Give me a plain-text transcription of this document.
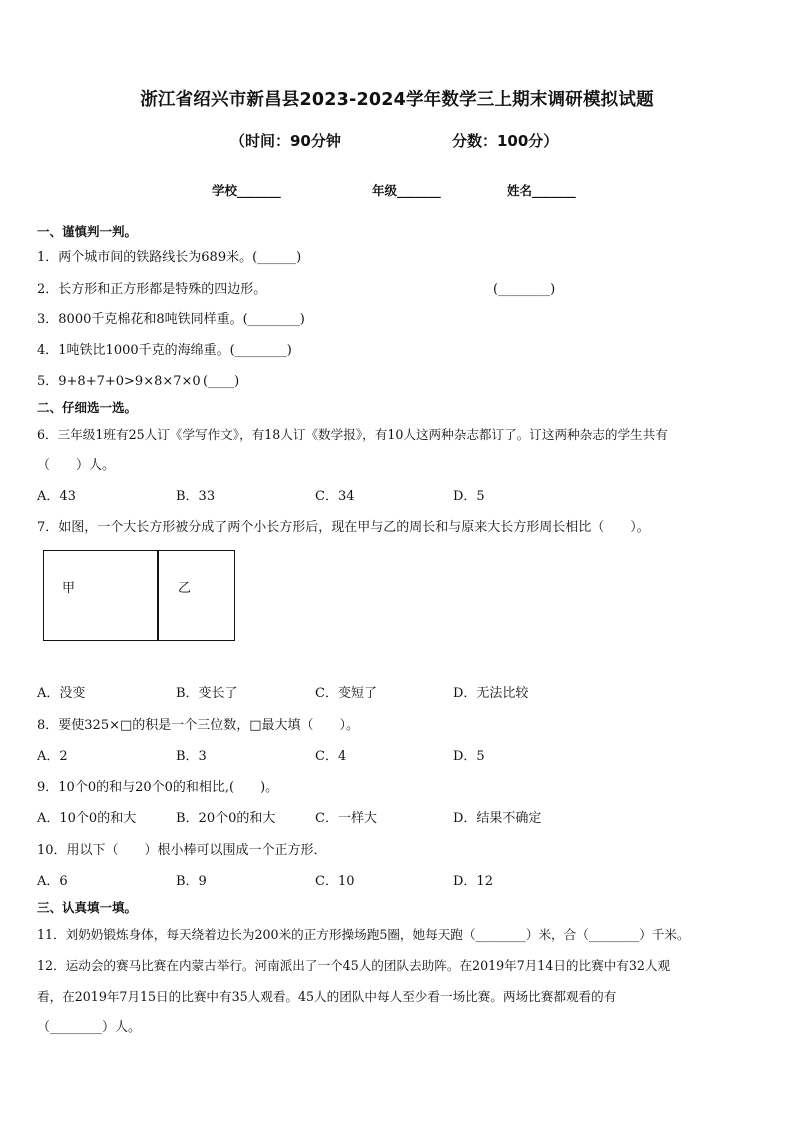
浙江省绍兴市新昌县2023-2024学年数学三上期末调研模拟试题
（时间：90分钟	分数：100分）
学校_______	年级_______	姓名_______
一、谨慎判一判。
1．两个城市间的铁路线长为689米。(______)
2．长方形和正方形都是特殊的四边形。	(________)
3．8000千克棉花和8吨铁同样重。(________)
4．1吨铁比1000千克的海绵重。(________)
5．9+8+7+0>9×8×7×0 (____)
二、仔细选一选。
6．三年级1班有25人订《学写作文》，有18人订《数学报》，有10人这两种杂志都订了。订这两种杂志的学生共有
（　　）人。
A．43	B．33	C．34	D．5
7．如图，一个大长方形被分成了两个小长方形后，现在甲与乙的周长和与原来大长方形周长相比（　　）。
甲	乙
A．没变	B．变长了	C．变短了	D．无法比较
8．要使325×□的积是一个三位数，□最大填（　　）。
A．2	B．3	C．4	D．5
9．10个0的和与20个0的和相比,(　　)。
A．10个0的和大	B．20个0的和大	C．一样大	D．结果不确定
10．用以下（　　）根小棒可以围成一个正方形．
A．6	B．9	C．10	D．12
三、认真填一填。
11．刘奶奶锻炼身体，每天绕着边长为200米的正方形操场跑5圈，她每天跑（________）米，合（________）千米。
12．运动会的赛马比赛在内蒙古举行。河南派出了一个45人的团队去助阵。在2019年7月14日的比赛中有32人观
看，在2019年7月15日的比赛中有35人观看。45人的团队中每人至少看一场比赛。两场比赛都观看的有
（________）人。
